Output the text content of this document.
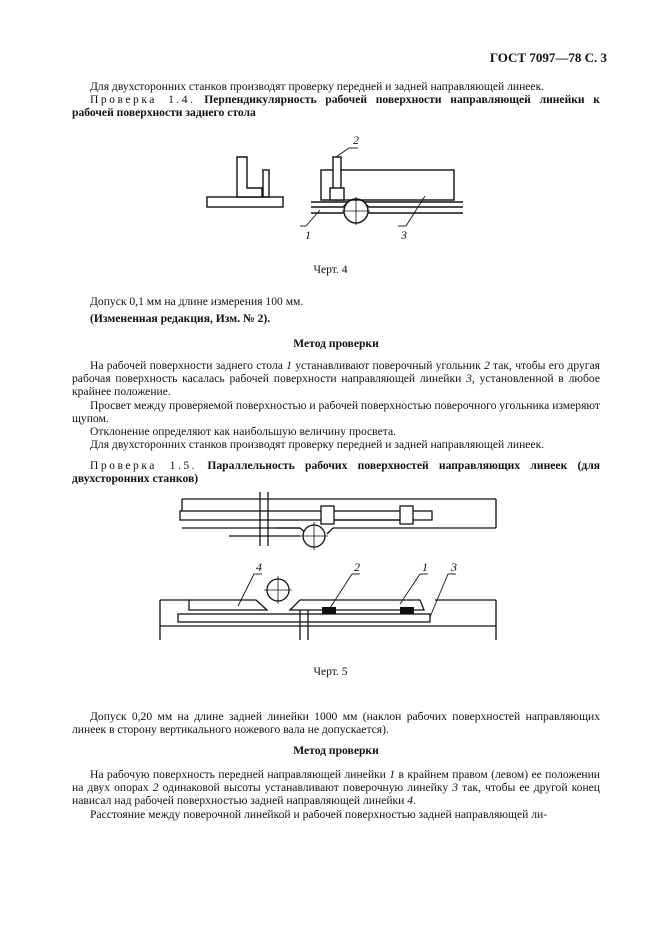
ГОСТ 7097—78 С. 3

Для двухсторонних станков производят проверку передней и задней направляющей линеек.

Проверка 1.4. Перпендикулярность рабочей поверхности направляющей линейки к рабочей поверхности заднего стола

2
1	3
Черт. 4

Допуск 0,1 мм на длине измерения 100 мм.

(Измененная редакция, Изм. № 2).

Метод проверки

На рабочей поверхности заднего стола 1 устанавливают поверочный угольник 2 так, чтобы его другая рабочая поверхность касалась рабочей поверхности направляющей линейки 3, установленной в любое крайнее положение.

Просвет между проверяемой поверхностью и рабочей поверхностью поверочного угольника измеряют щупом.

Отклонение определяют как наибольшую величину просвета.

Для двухсторонних станков производят проверку передней и задней направляющей линеек.

Проверка 1.5. Параллельность рабочих поверхностей направляющих линеек (для двухсторонних станков)

4	2	1 3
Черт. 5

Допуск 0,20 мм на длине задней линейки 1000 мм (наклон рабочих поверхностей направляющих линеек в сторону вертикального ножевого вала не допускается).

Метод проверки

На рабочую поверхность передней направляющей линейки 1 в крайнем правом (левом) ее положении на двух опорах 2 одинаковой высоты устанавливают поверочную линейку 3 так, чтобы ее другой конец нависал над рабочей поверхностью задней направляющей линейки 4.

Расстояние между поверочной линейкой и рабочей поверхностью задней направляющей ли-
